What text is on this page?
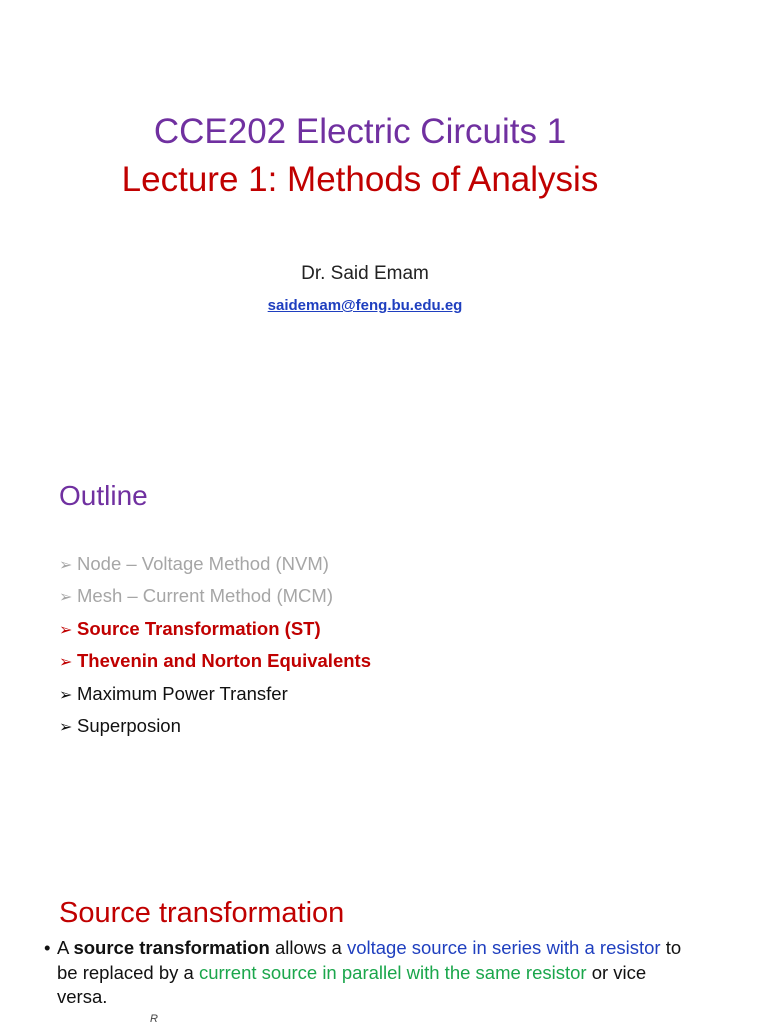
CCE202 Electric Circuits 1
Lecture 1: Methods of Analysis
Dr. Said Emam
saidemam@feng.bu.edu.eg
Outline
➢ Node – Voltage Method (NVM)
➢ Mesh – Current Method (MCM)
➢ Source Transformation (ST)
➢ Thevenin and Norton Equivalents
➢ Maximum Power Transfer
➢ Superposion
Source transformation
• A source transformation allows a voltage source in series with a resistor to be replaced by a current source in parallel with the same resistor or vice versa.
R
